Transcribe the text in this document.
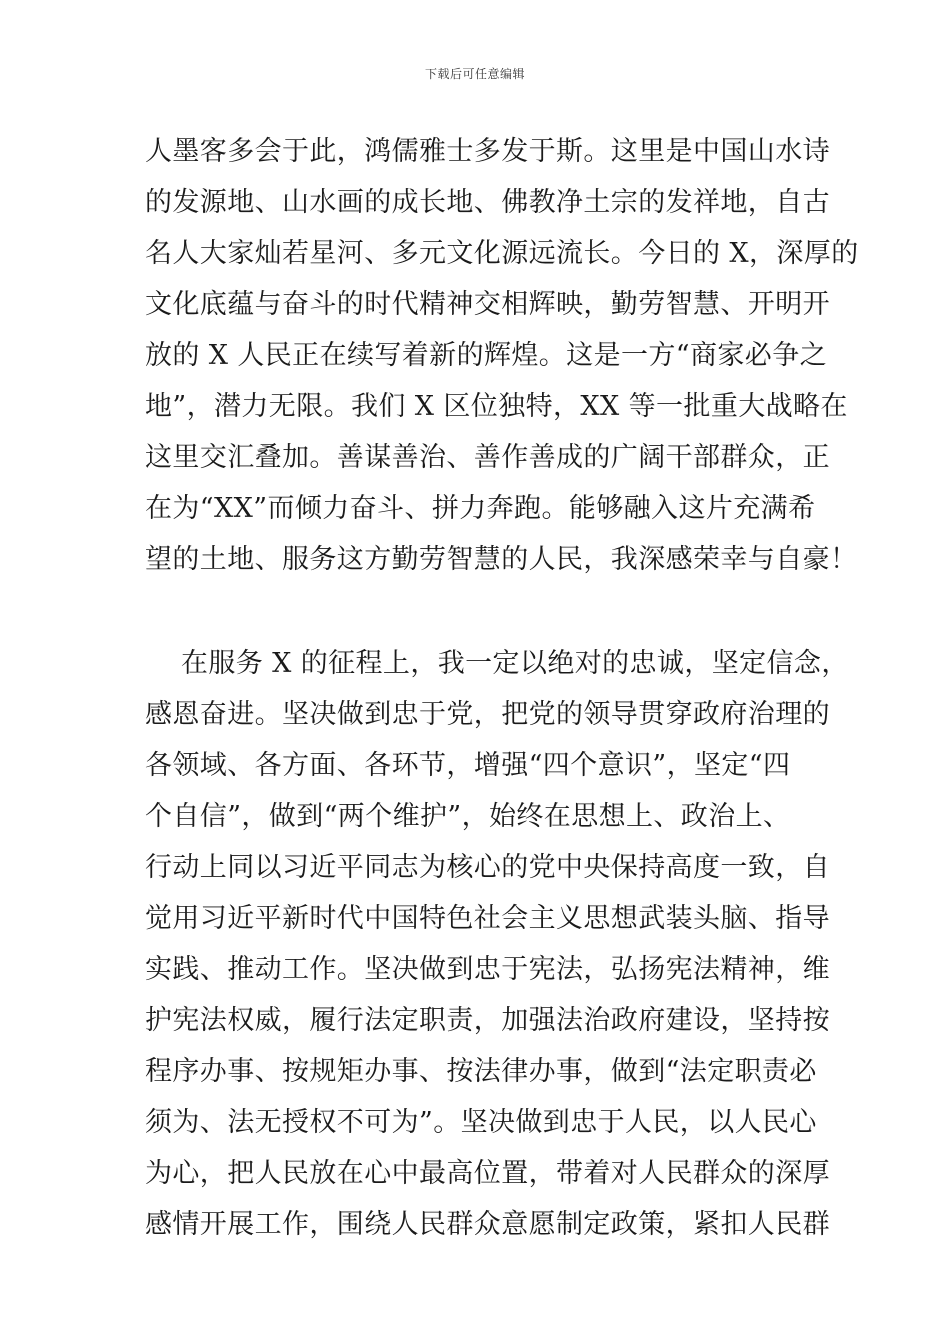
下载后可任意编辑
人墨客多会于此，鸿儒雅士多发于斯。这里是中国山水诗
的发源地、山水画的成长地、佛教净土宗的发祥地，自古
名人大家灿若星河、多元文化源远流长。今日的 X，深厚的
文化底蕴与奋斗的时代精神交相辉映，勤劳智慧、开明开
放的 X 人民正在续写着新的辉煌。这是一方“商家必争之
地”，潜力无限。我们 X 区位独特，XX 等一批重大战略在
这里交汇叠加。善谋善治、善作善成的广阔干部群众，正
在为“XX”而倾力奋斗、拼力奔跑。能够融入这片充满希
望的土地、服务这方勤劳智慧的人民，我深感荣幸与自豪！
在服务 X 的征程上，我一定以绝对的忠诚，坚定信念，
感恩奋进。坚决做到忠于党，把党的领导贯穿政府治理的
各领域、各方面、各环节，增强“四个意识”，坚定“四
个自信”，做到“两个维护”，始终在思想上、政治上、
行动上同以习近平同志为核心的党中央保持高度一致，自
觉用习近平新时代中国特色社会主义思想武装头脑、指导
实践、推动工作。坚决做到忠于宪法，弘扬宪法精神，维
护宪法权威，履行法定职责，加强法治政府建设，坚持按
程序办事、按规矩办事、按法律办事，做到“法定职责必
须为、法无授权不可为”。坚决做到忠于人民，以人民心
为心，把人民放在心中最高位置，带着对人民群众的深厚
感情开展工作，围绕人民群众意愿制定政策，紧扣人民群
